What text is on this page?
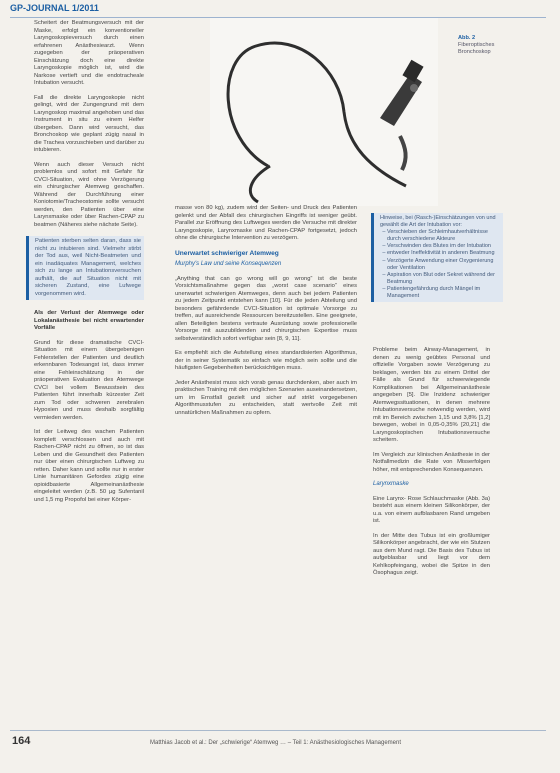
GP-JOURNAL 1/2011
Abb. 2 Fiberoptisches Bronchoskop

Scheitert der Beatmungsversuch mit der Maske, erfolgt ein konventioneller Laryngoskopieversuch durch einen erfahrenen Anästhesiearzt. Wenn zugegeben der präoperativen Einschätzung doch eine direkte Laryngoskopie möglich ist, wird die Narkose vertieft und die endotracheale Intubation versucht.

Fall die direkte Laryngoskopie nicht gelingt, wird der Zungengrund mit dem Laryngoskop maximal angehoben und das Instrument in situ zu einem Helfer übergeben. Dann wird versucht, das Bronchoskop wie geplant zügig nasal in die Trachea vorzuschieben und darüber zu intubieren.

Wenn auch dieser Versuch nicht problemlos und sofort mit Gefahr für CVCI-Situation, wird ohne Verzögerung ein chirurgischer Atemweg geschaffen. Während der Durchführung einer Koniotomie/Tracheostomie sollte versucht werden, den Patienten über eine Larynxmaske oder über Rachen-CPAP zu beatmen (Näheres siehe nächste Seite).

Patienten sterben selten daran, dass sie nicht zu intubieren sind. Vielmehr stirbt der Tod aus, weil Nicht-Beatmeten und ein inadäquates Management, welches sich zu lange an Intubationsversuchen aufhält, die auf Situation nicht mit sicheren Zustand, eine Lufwege vorgenommen wird.

Als der Verlust der Atemwege oder Lokalanästhesie bei nicht erwartender Vorfälle

Grund für diese dramatische CVCI-Situation mit einem übergebenigen Fehlerstellen der Patienten und deutlich erkennbaren Todesangst ist, dass immer eine Fehleinschätzung in der präoperativen Evaluation des Atemwege CVCI bei vollem Bewusstsein des Patienten führt innerhalb kürzester Zeit zum Tod oder schweren zerebralen Hypoxien und muss deshalb sorgfältig vermieden werden.

Ist der Leitweg des wachen Patienten komplett verschlossen und auch mit Rachen-CPAP nicht zu öffnen, so ist das Leben und die Gesundheit des Patienten nur über einen chirurgischen Luftweg zu retten. Daher kann und sollte nur in erster Linie humanitären Gefordes zügig eine opioidbasierte Allgemeinanästhesie eingeleitet werden (z.B. 50 µg Sufentanil und 1,5 mg Propofol bei einer Körper-

masse von 80 kg), zudem wird der Seiten- und Druck des Patienten gelenkt und der Abfall des chirurgischen Eingriffs ist weniger geübt. Parallel zur Eröffnung des Luftweges werden die Versuche mit direkter Laryngoskopie, Larynxmaske und Rachen-CPAP fortgesetzt, jedoch ohne die chirurgische Intervention zu verzögern.

Unerwartet schwieriger Atemweg

Murphy's Law und seine Konsequenzen

„Anything that can go wrong will go wrong“ ist die beste Vorsichtsmaßnahme gegen das „worst case scenario“ eines unerwartet schwierigen Atemweges, denn auch bei jedem Patienten zu jedem Zeitpunkt entstehen kann [10]. Für die jeden Abteilung und besonders gefährdende CVCI-Situation ist optimale Vorsorge zu treffen, auf ausreichende Ressourcen bereitzustellen. Eine geeignete, allen Beteiligten bestens vertraute Ausrüstung sowie professionelle Vorsorge mit auszubildenden und chirurgischen Expertise muss selbstverständlich sofort verfügbar sein [8, 9, 11].

Es empfiehlt sich die Aufstellung eines standardisierten Algorithmus, der in seiner Systematik so einfach wie möglich sein sollte und die häufigsten Gegebenheiten berücksichtigen muss.

Jeder Anästhesist muss sich vorab genau durchdenken, aber auch im praktischen Training mit den möglichen Szenarien auseinandersetzen, um im Ernstfall gezielt und sicher auf strikt vorgegebenen Algorithmusstufen zu entscheiden, statt wertvolle Zeit mit unnatürlichen Maßnahmen zu opfern.

Hinweise, bei (Rasch-)Einschätzungen von und gewählt die Art der Intubation vor:
– Verschieben der Schleimhautverhältnisse durch verschiedene Akteure
– Verschwinden des Blutes im der Intubation
– entweder Ineffektivität in anderen Beatmung
– Verzögerte Anwendung einer Oxygenierung oder Ventilation
– Aspiration von Blut oder Sekret während der Beatmung
– Patientengefährdung durch Mängel im Management

Probleme beim Airway-Management, in denen zu wenig geübtes Personal und offizielle Vorgaben sowie Verzögerung zu beklagen, werden bis zu einem Drittel der Fälle als Grund für schwerwiegende Komplikationen bei Allgemeinanästhesie angegeben [5]. Die Inzidenz schwieriger Atemwegssituationen, in denen mehrere Intubationsversuche notwendig werden, wird mit im Bereich zwischen 1,15 und 3,8% [1,2] bewegen, wobei in 0,05-0,35% [20,21] die Laryngoskopischen Intubationsversuche scheitern.

Im Vergleich zur klinischen Anästhesie in der Notfallmedizin die Rate von Misserfolgen höher, mit entsprechenden Konsequenzen.

Larynxmaske

Eine Larynx- Rose Schlauchmaske (Abb. 3a) besteht aus einem kleinen Silikonkörper, der u.a. von einem aufblasbaren Rand umgeben ist.

In der Mitte des Tubus ist ein großlumiger Silikonkörper angebracht, der wie ein Stutzen aus dem Mund ragt. Die Basis des Tubus ist aufgeblasbar und liegt vor dem Kehlkopfeingang, wobei die Spitze in den Ösophagus zeigt.

164	Matthias Jacob et al.: Der „schwierige“ Atemweg … – Teil 1: Anästhesiologisches Management
